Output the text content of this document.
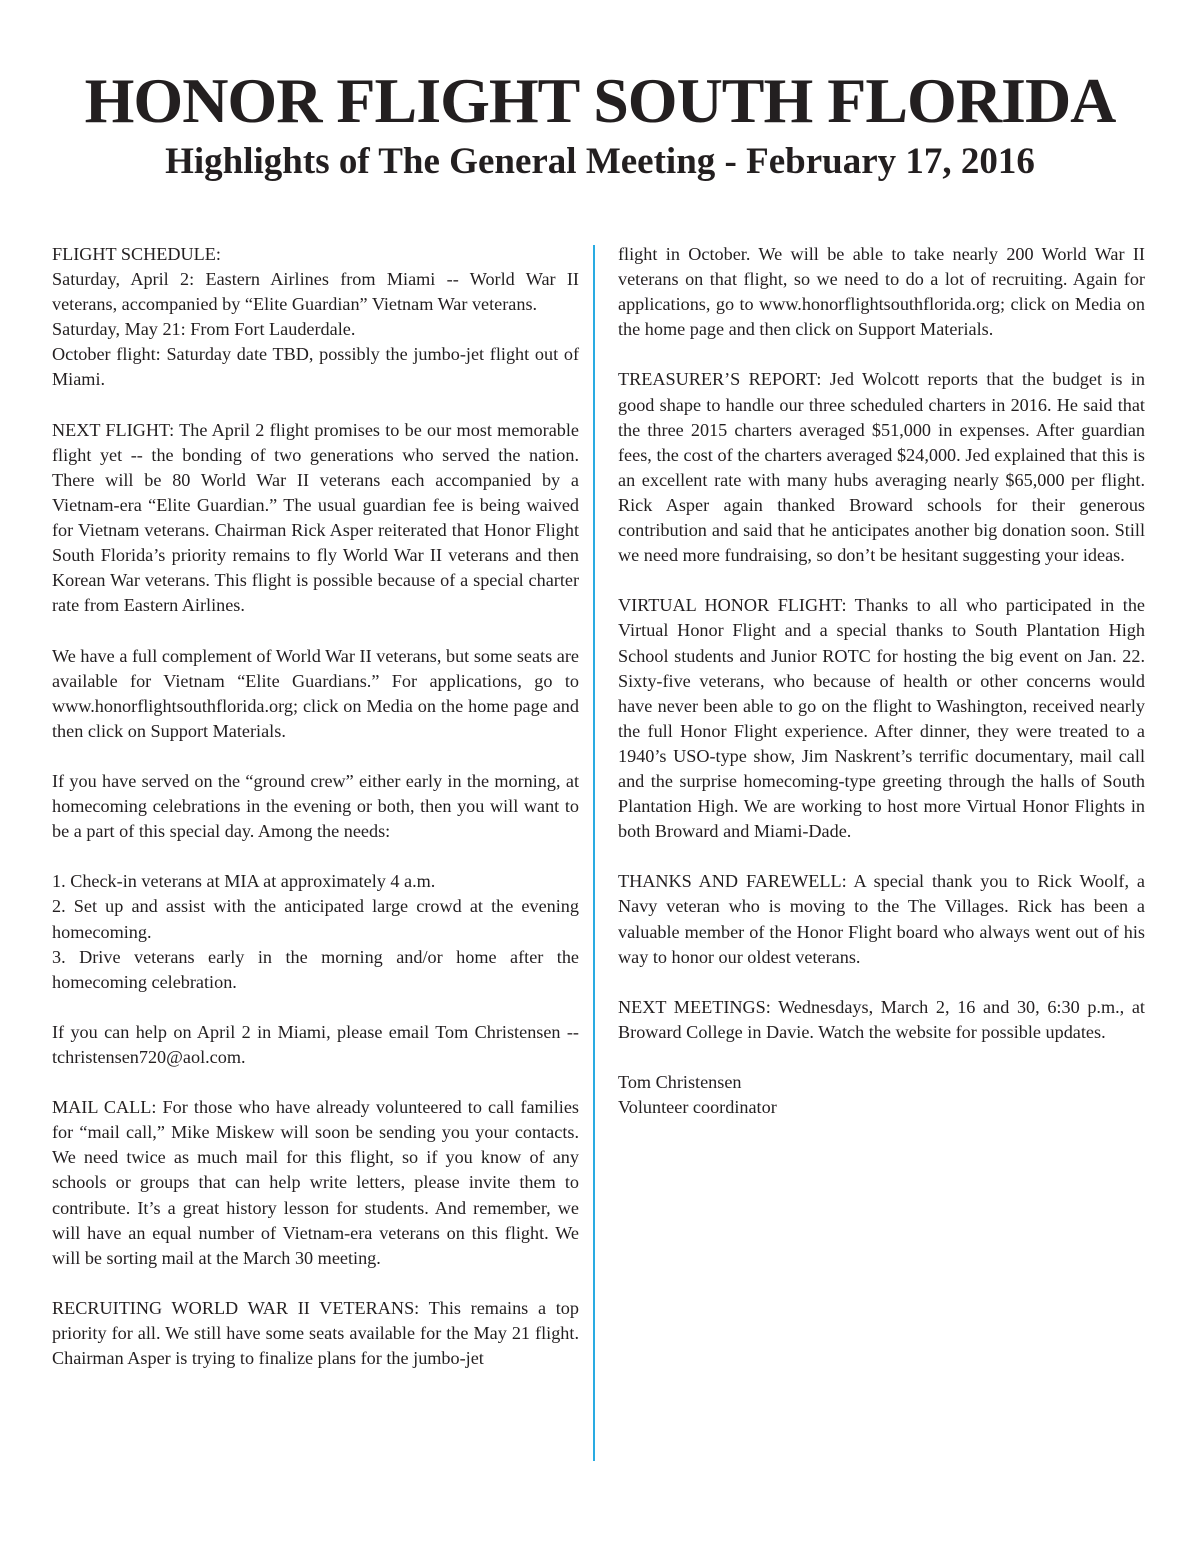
HONOR FLIGHT SOUTH FLORIDA
Highlights of The General Meeting - February 17, 2016

FLIGHT SCHEDULE:
Saturday, April 2: Eastern Airlines from Miami -- World War II veterans, accompanied by “Elite Guardian” Vietnam War veterans.
Saturday, May 21: From Fort Lauderdale.
October flight: Saturday date TBD, possibly the jumbo-jet flight out of Miami.

NEXT FLIGHT: The April 2 flight promises to be our most memorable flight yet -- the bonding of two generations who served the nation. There will be 80 World War II veterans each accompanied by a Vietnam-era “Elite Guardian.” The usual guardian fee is being waived for Vietnam veterans. Chairman Rick Asper reiterated that Honor Flight South Florida’s priority remains to fly World War II veterans and then Korean War veterans. This flight is possible because of a special charter rate from Eastern Airlines.

We have a full complement of World War II veterans, but some seats are available for Vietnam “Elite Guardians.” For applications, go to www.honorflightsouthflorida.org; click on Media on the home page and then click on Support Materials.

If you have served on the “ground crew” either early in the morning, at homecoming celebrations in the evening or both, then you will want to be a part of this special day. Among the needs:

1. Check-in veterans at MIA at approximately 4 a.m.
2. Set up and assist with the anticipated large crowd at the evening homecoming.
3. Drive veterans early in the morning and/or home after the homecoming celebration.

If you can help on April 2 in Miami, please email Tom Christensen -- tchristensen720@aol.com.

MAIL CALL: For those who have already volunteered to call families for “mail call,” Mike Miskew will soon be sending you your contacts. We need twice as much mail for this flight, so if you know of any schools or groups that can help write letters, please invite them to contribute. It’s a great history lesson for students. And remember, we will have an equal number of Vietnam-era veterans on this flight. We will be sorting mail at the March 30 meeting.

RECRUITING WORLD WAR II VETERANS: This remains a top priority for all. We still have some seats available for the May 21 flight. Chairman Asper is trying to finalize plans for the jumbo-jet

flight in October. We will be able to take nearly 200 World War II veterans on that flight, so we need to do a lot of recruiting. Again for applications, go to www.honorflightsouthflorida.org; click on Media on the home page and then click on Support Materials.

TREASURER’S REPORT: Jed Wolcott reports that the budget is in good shape to handle our three scheduled charters in 2016. He said that the three 2015 charters averaged $51,000 in expenses. After guardian fees, the cost of the charters averaged $24,000. Jed explained that this is an excellent rate with many hubs averaging nearly $65,000 per flight. Rick Asper again thanked Broward schools for their generous contribution and said that he anticipates another big donation soon. Still we need more fundraising, so don’t be hesitant suggesting your ideas.

VIRTUAL HONOR FLIGHT: Thanks to all who participated in the Virtual Honor Flight and a special thanks to South Plantation High School students and Junior ROTC for hosting the big event on Jan. 22. Sixty-five veterans, who because of health or other concerns would have never been able to go on the flight to Washington, received nearly the full Honor Flight experience. After dinner, they were treated to a 1940’s USO-type show, Jim Naskrent’s terrific documentary, mail call and the surprise homecoming-type greeting through the halls of South Plantation High. We are working to host more Virtual Honor Flights in both Broward and Miami-Dade.

THANKS AND FAREWELL: A special thank you to Rick Woolf, a Navy veteran who is moving to the The Villages. Rick has been a valuable member of the Honor Flight board who always went out of his way to honor our oldest veterans.

NEXT MEETINGS: Wednesdays, March 2, 16 and 30, 6:30 p.m., at Broward College in Davie. Watch the website for possible updates.

Tom Christensen
Volunteer coordinator
